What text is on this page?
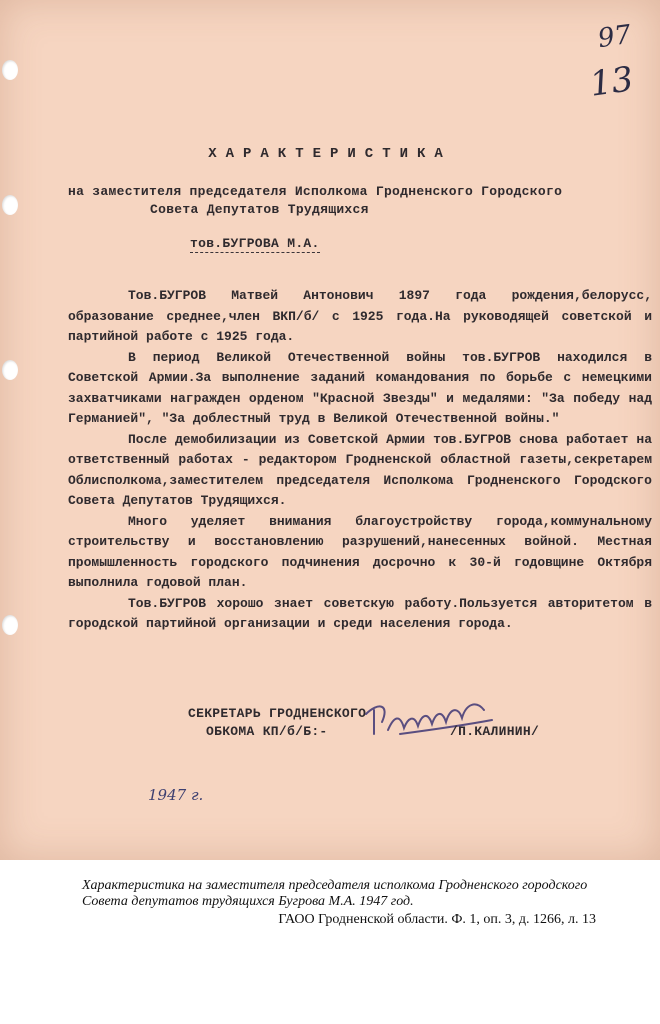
97
13
ХАРАКТЕРИСТИКА
на заместителя председателя Исполкома Гродненского Городского
Совета Депутатов Трудящихся
тов.БУГРОВА М.А.

Тов.БУГРОВ Матвей Антонович 1897 года рождения,белорусс, образование среднее,член ВКП/б/ с 1925 года.На руководящей советской и партийной работе с 1925 года.

В период Великой Отечественной войны тов.БУГРОВ находился в Советской Армии.За выполнение заданий командования по борьбе с немецкими захватчиками награжден орденом "Красной Звезды" и медалями: "За победу над Германией", "За доблестный труд в Великой Отечественной войны."

После демобилизации из Советской Армии тов.БУГРОВ снова работает на ответственный работах - редактором Гродненской областной газеты,секретарем Облисполкома,заместителем председателя Исполкома Гродненского Городского Совета Депутатов Трудящихся.

Много уделяет внимания благоустройству города,коммунальному строительству и восстановлению разрушений,нанесенных войной. Местная промышленность городского подчинения досрочно к 30-й годовщине Октября выполнила годовой план.

Тов.БУГРОВ хорошо знает советскую работу.Пользуется авторитетом в городской партийной организации и среди населения города.

СЕКРЕТАРЬ ГРОДНЕНСКОГО
ОБКОМА КП/б/Б:-	/П.КАЛИНИН/
1947 г.
Характеристика на заместителя председателя исполкома Гродненского городского
Совета депутатов трудящихся Бугрова М.А. 1947 год.
ГАОО Гродненской области. Ф. 1, оп. 3, д. 1266, л. 13
